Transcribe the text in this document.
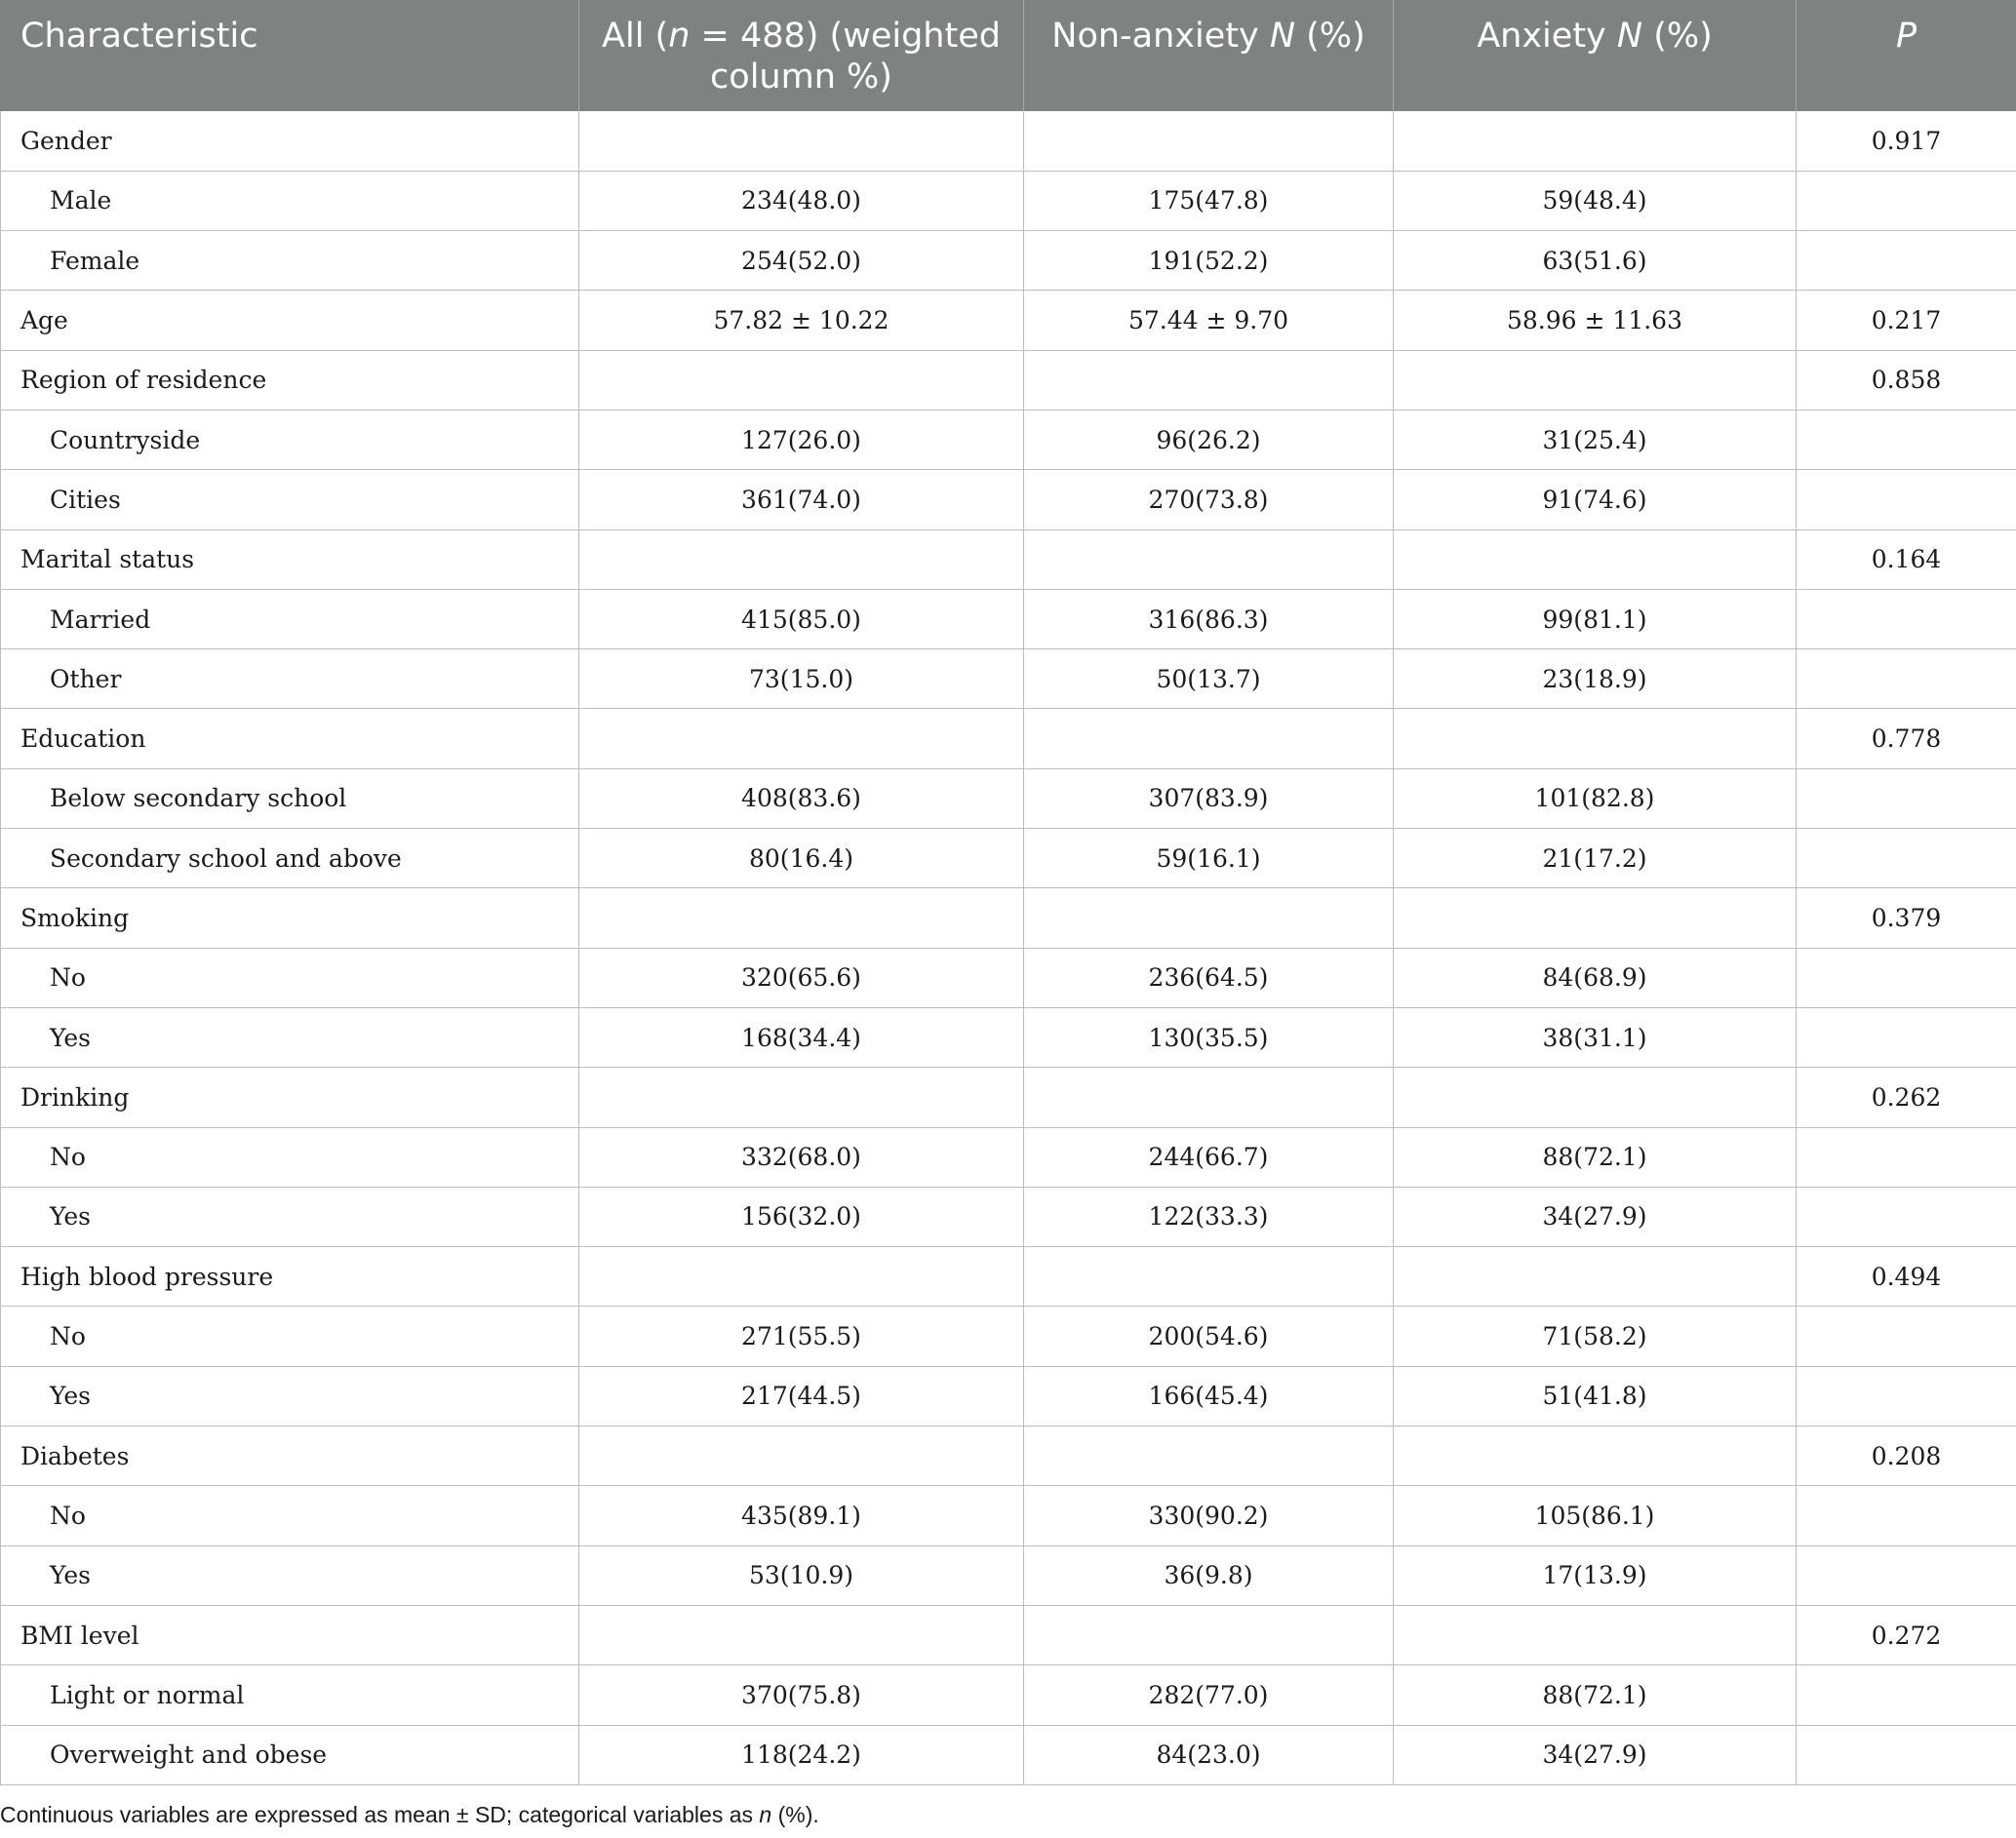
Characteristic	All (n = 488) (weighted column %)	Non-anxiety N (%)	Anxiety N (%)	P
Gender				0.917
Male	234(48.0)	175(47.8)	59(48.4)	
Female	254(52.0)	191(52.2)	63(51.6)	
Age	57.82 ± 10.22	57.44 ± 9.70	58.96 ± 11.63	0.217
Region of residence				0.858
Countryside	127(26.0)	96(26.2)	31(25.4)	
Cities	361(74.0)	270(73.8)	91(74.6)	
Marital status				0.164
Married	415(85.0)	316(86.3)	99(81.1)	
Other	73(15.0)	50(13.7)	23(18.9)	
Education				0.778
Below secondary school	408(83.6)	307(83.9)	101(82.8)	
Secondary school and above	80(16.4)	59(16.1)	21(17.2)	
Smoking				0.379
No	320(65.6)	236(64.5)	84(68.9)	
Yes	168(34.4)	130(35.5)	38(31.1)	
Drinking				0.262
No	332(68.0)	244(66.7)	88(72.1)	
Yes	156(32.0)	122(33.3)	34(27.9)	
High blood pressure				0.494
No	271(55.5)	200(54.6)	71(58.2)	
Yes	217(44.5)	166(45.4)	51(41.8)	
Diabetes				0.208
No	435(89.1)	330(90.2)	105(86.1)	
Yes	53(10.9)	36(9.8)	17(13.9)	
BMI level				0.272
Light or normal	370(75.8)	282(77.0)	88(72.1)	
Overweight and obese	118(24.2)	84(23.0)	34(27.9)	
Continuous variables are expressed as mean ± SD; categorical variables as n (%).
